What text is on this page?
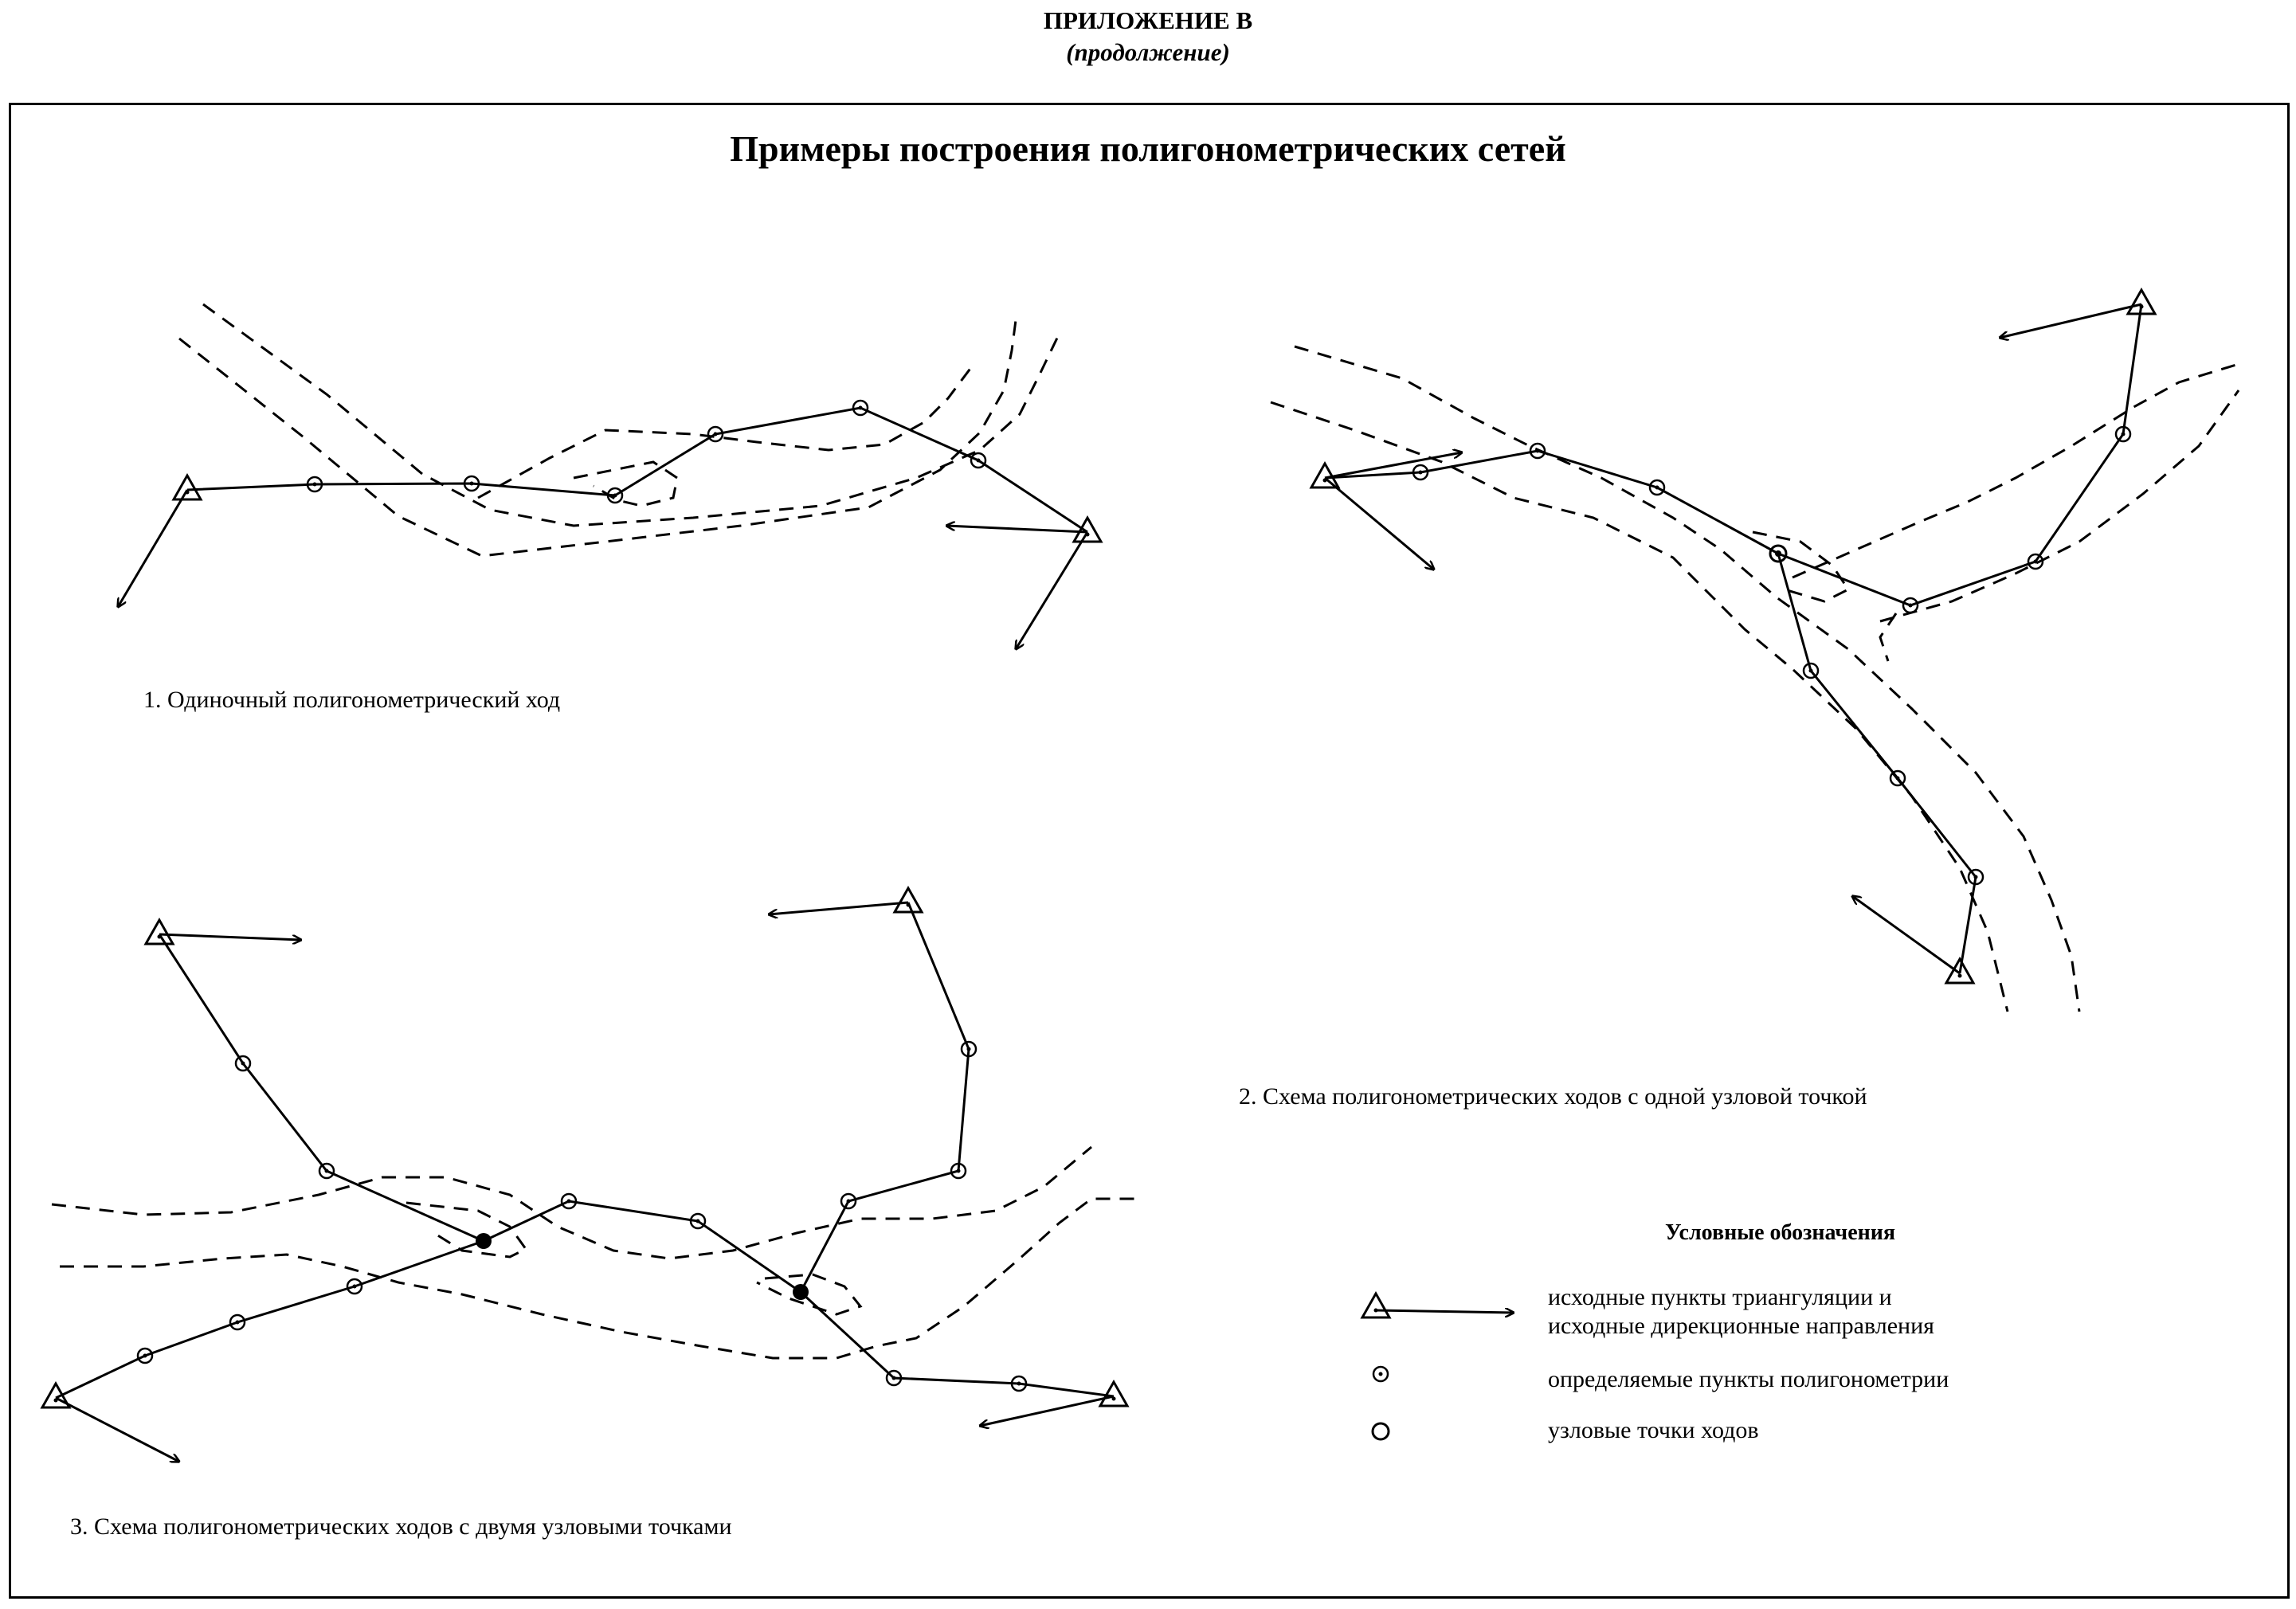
ПРИЛОЖЕНИЕ В
(продолжение)
Примеры построения полигонометрических сетей
1. Одиночный полигонометрический ход
2. Схема полигонометрических ходов с одной узловой точкой
3. Схема полигонометрических ходов с двумя узловыми точками
Условные обозначения
исходные пункты триангуляции и
исходные дирекционные направления
определяемые пункты полигонометрии
узловые точки ходов
